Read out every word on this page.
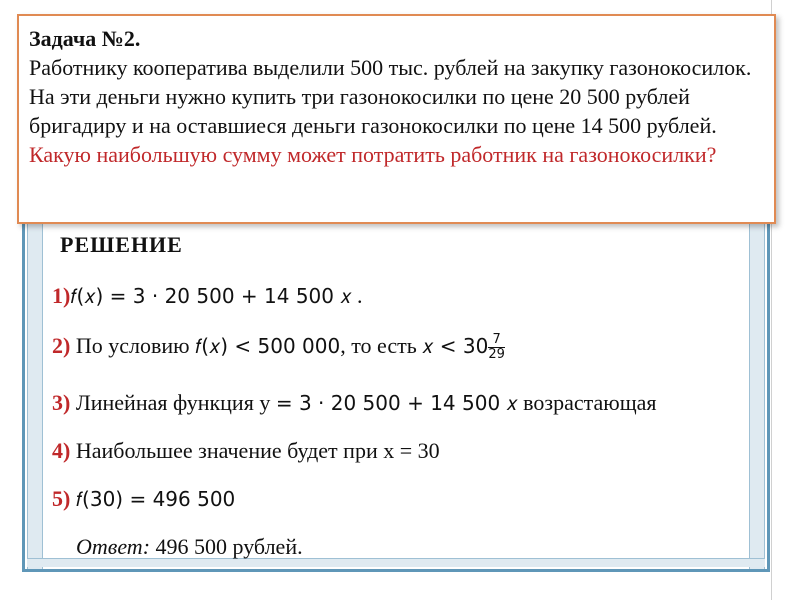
Задача №2.
Работнику кооператива выделили 500 тыс. рублей на закупку газонокосилок. На эти деньги нужно купить три газонокосилки по цене 20 500 рублей бригадиру и на оставшиеся деньги газонокосилки по цене 14 500 рублей. Какую наибольшую сумму может потратить работник на газонокосилки?
РЕШЕНИЕ
1)𝑓(𝑥) = 3 · 20 500 + 14 500 𝑥 .
2) По условию 𝑓(𝑥) < 500 000, то есть 𝑥 < $30 \frac{7}{29}$
3) Линейная функция у = 3 · 20 500 + 14 500 𝑥 возрастающая
4) Наибольшее значение будет при х = 30
5) 𝑓(30) = 496 500
Ответ: 496 500 рублей.
